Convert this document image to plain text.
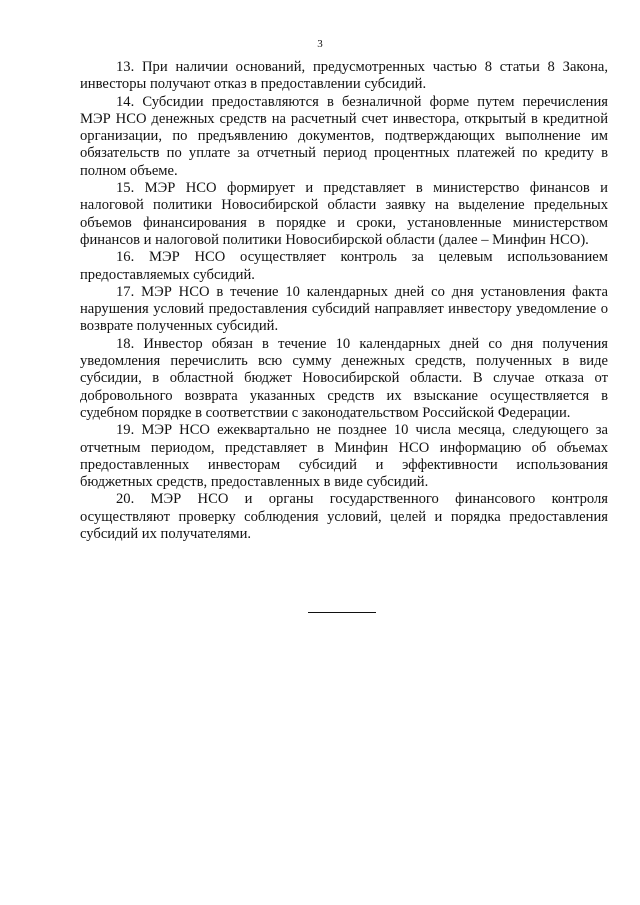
3

13. При наличии оснований, предусмотренных частью 8 статьи 8 Закона, инвесторы получают отказ в предоставлении субсидий.

14. Субсидии предоставляются в безналичной форме путем перечисления МЭР НСО денежных средств на расчетный счет инвестора, открытый в кредитной организации, по предъявлению документов, подтверждающих выполнение им обязательств по уплате за отчетный период процентных платежей по кредиту в полном объеме.

15. МЭР НСО формирует и представляет в министерство финансов и налоговой политики Новосибирской области заявку на выделение предельных объемов финансирования в порядке и сроки, установленные министерством финансов и налоговой политики Новосибирской области (далее – Минфин НСО).

16. МЭР НСО осуществляет контроль за целевым использованием предоставляемых субсидий.

17. МЭР НСО в течение 10 календарных дней со дня установления факта нарушения условий предоставления субсидий направляет инвестору уведомление о возврате полученных субсидий.

18. Инвестор обязан в течение 10 календарных дней со дня получения уведомления перечислить всю сумму денежных средств, полученных в виде субсидии, в областной бюджет Новосибирской области. В случае отказа от добровольного возврата указанных средств их взыскание осуществляется в судебном порядке в соответствии с законодательством Российской Федерации.

19. МЭР НСО ежеквартально не позднее 10 числа месяца, следующего за отчетным периодом, представляет в Минфин НСО информацию об объемах предоставленных инвесторам субсидий и эффективности использования бюджетных средств, предоставленных в виде субсидий.

20. МЭР НСО и органы государственного финансового контроля осуществляют проверку соблюдения условий, целей и порядка предоставления субсидий их получателями.
